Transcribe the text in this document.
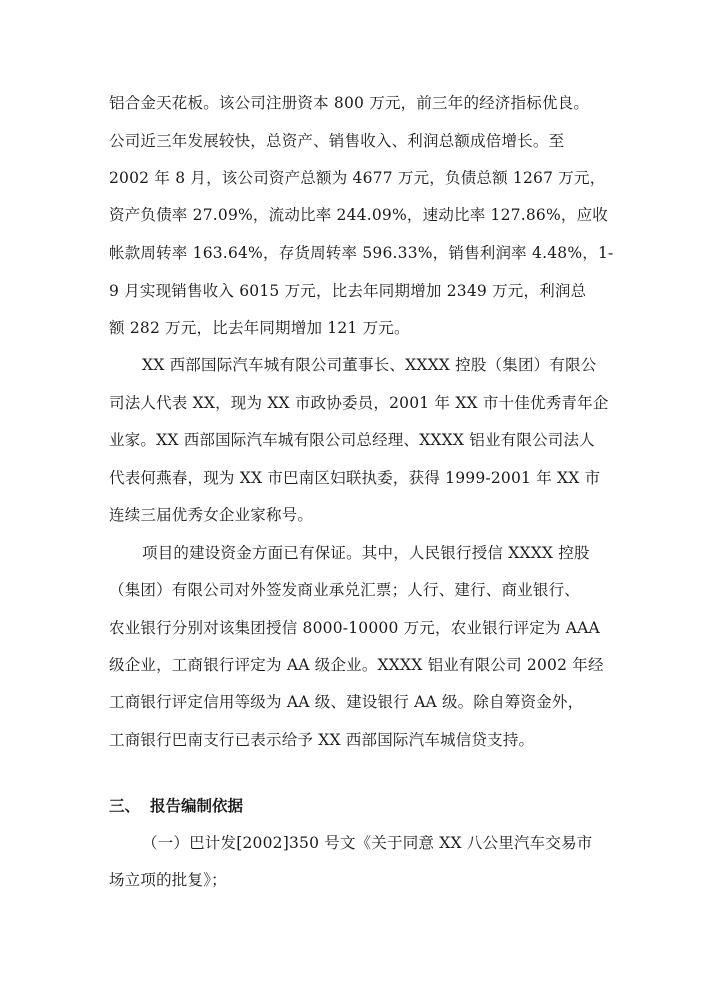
铝合金天花板。该公司注册资本 800 万元，前三年的经济指标优良。
公司近三年发展较快，总资产、销售收入、利润总额成倍增长。至
2002 年 8 月，该公司资产总额为 4677 万元，负债总额 1267 万元，
资产负债率 27.09%，流动比率 244.09%，速动比率 127.86%，应收
帐款周转率 163.64%，存货周转率 596.33%，销售利润率 4.48%，1-
9 月实现销售收入 6015 万元，比去年同期增加 2349 万元，利润总
额 282 万元，比去年同期增加 121 万元。
XX 西部国际汽车城有限公司董事长、XXXX 控股（集团）有限公
司法人代表 XX，现为 XX 市政协委员，2001 年 XX 市十佳优秀青年企
业家。XX 西部国际汽车城有限公司总经理、XXXX 铝业有限公司法人
代表何燕春，现为 XX 市巴南区妇联执委，获得 1999-2001 年 XX 市
连续三届优秀女企业家称号。
项目的建设资金方面已有保证。其中，人民银行授信 XXXX 控股
（集团）有限公司对外签发商业承兑汇票；人行、建行、商业银行、
农业银行分别对该集团授信 8000-10000 万元，农业银行评定为 AAA
级企业，工商银行评定为 AA 级企业。XXXX 铝业有限公司 2002 年经
工商银行评定信用等级为 AA 级、建设银行 AA 级。除自筹资金外，
工商银行巴南支行已表示给予 XX 西部国际汽车城信贷支持。
三、 报告编制依据
（一）巴计发[2002]350 号文《关于同意 XX 八公里汽车交易市
场立项的批复》；
